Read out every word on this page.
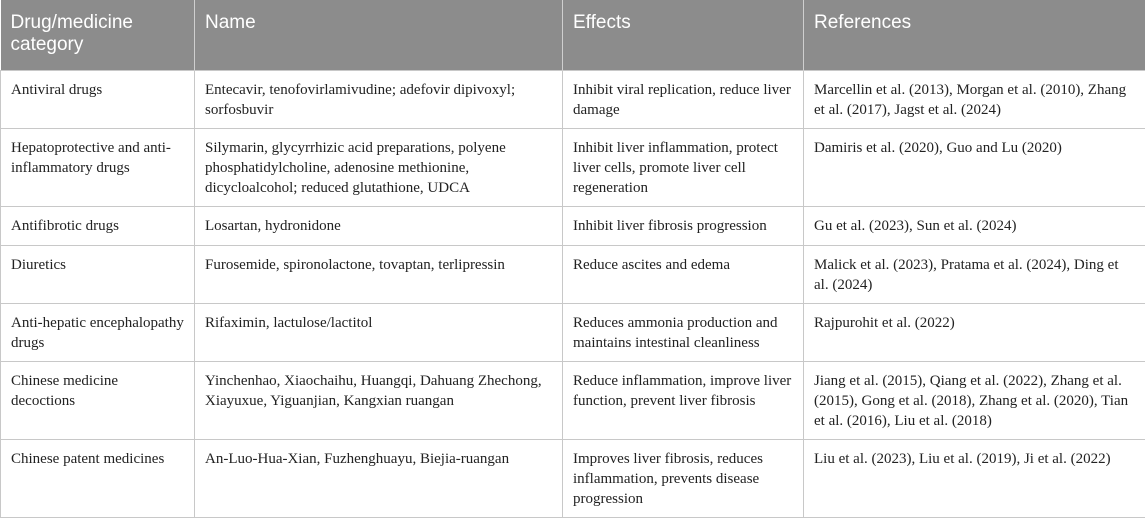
Drug/medicine category	Name	Effects	References
Antiviral drugs	Entecavir, tenofovirlamivudine; adefovir dipivoxyl; sorfosbuvir	Inhibit viral replication, reduce liver damage	Marcellin et al. (2013), Morgan et al. (2010), Zhang et al. (2017), Jagst et al. (2024)
Hepatoprotective and anti-inflammatory drugs	Silymarin, glycyrrhizic acid preparations, polyene phosphatidylcholine, adenosine methionine, dicycloalcohol; reduced glutathione, UDCA	Inhibit liver inflammation, protect liver cells, promote liver cell regeneration	Damiris et al. (2020), Guo and Lu (2020)
Antifibrotic drugs	Losartan, hydronidone	Inhibit liver fibrosis progression	Gu et al. (2023), Sun et al. (2024)
Diuretics	Furosemide, spironolactone, tovaptan, terlipressin	Reduce ascites and edema	Malick et al. (2023), Pratama et al. (2024), Ding et al. (2024)
Anti-hepatic encephalopathy drugs	Rifaximin, lactulose/lactitol	Reduces ammonia production and maintains intestinal cleanliness	Rajpurohit et al. (2022)
Chinese medicine decoctions	Yinchenhao, Xiaochaihu, Huangqi, Dahuang Zhechong, Xiayuxue, Yiguanjian, Kangxian ruangan	Reduce inflammation, improve liver function, prevent liver fibrosis	Jiang et al. (2015), Qiang et al. (2022), Zhang et al. (2015), Gong et al. (2018), Zhang et al. (2020), Tian et al. (2016), Liu et al. (2018)
Chinese patent medicines	An-Luo-Hua-Xian, Fuzhenghuayu, Biejia-ruangan	Improves liver fibrosis, reduces inflammation, prevents disease progression	Liu et al. (2023), Liu et al. (2019), Ji et al. (2022)
